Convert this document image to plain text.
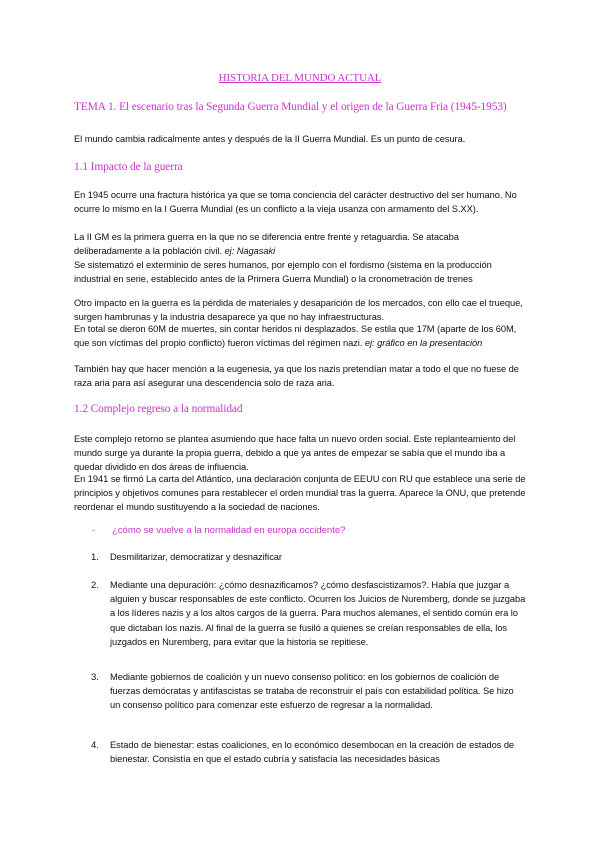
HISTORIA DEL MUNDO ACTUAL
TEMA 1. El escenario tras la Segunda Guerra Mundial y el origen de la Guerra Fria (1945-1953)

El mundo cambia radicalmente antes y después de la II Guerra Mundial. Es un punto de cesura.

1.1 Impacto de la guerra

En 1945 ocurre una fractura histórica ya que se toma conciencia del carácter destructivo del ser humano. No ocurre lo mismo en la I Guerra Mundial (es un conflicto a la vieja usanza con armamento del S.XX).

La II GM es la primera guerra en la que no se diferencia entre frente y retaguardia. Se atacaba deliberadamente a la población civil. ej: Nagasaki

Se sistematizó el exterminio de seres humanos, por ejemplo con el fordismo (sistema en la producción industrial en serie, establecido antes de la Primera Guerra Mundial) o la cronometración de trenes

Otro impacto en la guerra es la pérdida de materiales y desaparición de los mercados, con ello cae el trueque, surgen hambrunas y la industria desaparece ya que no hay infraestructuras.

En total se dieron 60M de muertes, sin contar heridos ni desplazados. Se estila que 17M (aparte de los 60M, que son víctimas del propio conflicto) fueron víctimas del régimen nazi. ej: gráfico en la presentación

También hay que hacer mención a la eugenesia, ya que los nazis pretendían matar a todo el que no fuese de raza aria para así asegurar una descendencia solo de raza aria.

1.2 Complejo regreso a la normalidad

Este complejo retorno se plantea asumiendo que hace falta un nuevo orden social. Este replanteamiento del mundo surge ya durante la propia guerra, debido a que ya antes de empezar se sabía que el mundo iba a quedar dividido en dos áreas de influencia.

En 1941 se firmó La carta del Atlántico, una declaración conjunta de EEUU con RU que establece una serie de principios y objetivos comunes para restablecer el orden mundial tras la guerra. Aparece la ONU, que pretende reordenar el mundo sustituyendo a la sociedad de naciones.

- ¿cómo se vuelve a la normalidad en europa occidente?
1. Desmilitarizar, democratizar y desnazificar

2. Mediante una depuración: ¿cómo desnazificamos? ¿cómo desfascistizamos?. Había que juzgar a alguien y buscar responsables de este conflicto. Ocurren los Juicios de Nuremberg, donde se juzgaba a los líderes nazis y a los altos cargos de la guerra. Para muchos alemanes, el sentido común era lo que dictaban los nazis. Al final de la guerra se fusiló a quienes se creían responsables de ella, los juzgados en Nuremberg, para evitar que la historia se repitiese.

3. Mediante gobiernos de coalición y un nuevo consenso político: en los gobiernos de coalición de fuerzas demócratas y antifascistas se trataba de reconstruir el país con estabilidad política. Se hizo un consenso político para comenzar este esfuerzo de regresar a la normalidad.

4. Estado de bienestar: estas coaliciones, en lo económico desembocan en la creación de estados de bienestar. Consistía en que el estado cubría y satisfacía las necesidades básicas
